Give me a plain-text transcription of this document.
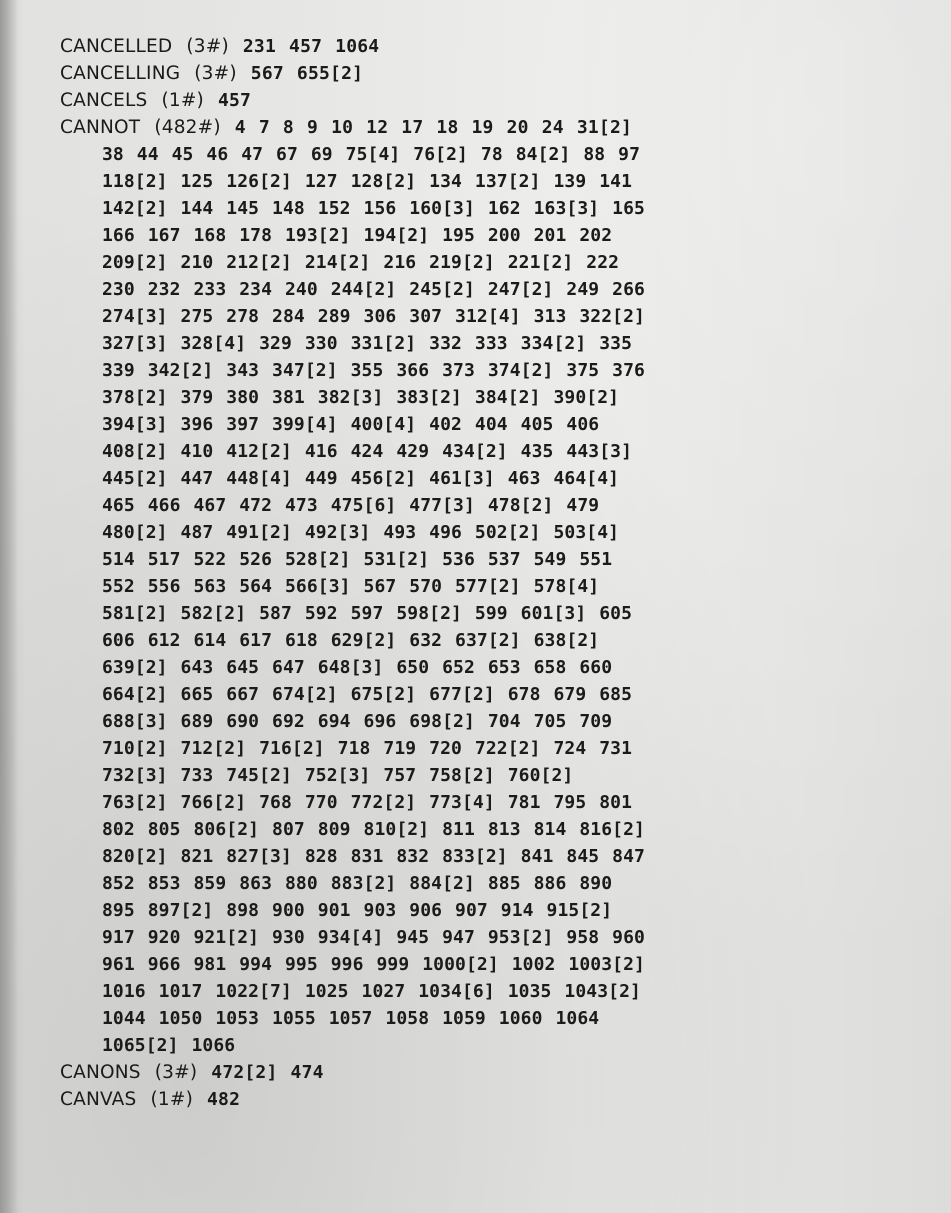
CANCELLED (3#) 231 457 1064
CANCELLING (3#) 567 655[2]
CANCELS (1#) 457
CANNOT (482#) 4 7 8 9 10 12 17 18 19 20 24 31[2]
38 44 45 46 47 67 69 75[4] 76[2] 78 84[2] 88 97
118[2] 125 126[2] 127 128[2] 134 137[2] 139 141
142[2] 144 145 148 152 156 160[3] 162 163[3] 165
166 167 168 178 193[2] 194[2] 195 200 201 202
209[2] 210 212[2] 214[2] 216 219[2] 221[2] 222
230 232 233 234 240 244[2] 245[2] 247[2] 249 266
274[3] 275 278 284 289 306 307 312[4] 313 322[2]
327[3] 328[4] 329 330 331[2] 332 333 334[2] 335
339 342[2] 343 347[2] 355 366 373 374[2] 375 376
378[2] 379 380 381 382[3] 383[2] 384[2] 390[2]
394[3] 396 397 399[4] 400[4] 402 404 405 406
408[2] 410 412[2] 416 424 429 434[2] 435 443[3]
445[2] 447 448[4] 449 456[2] 461[3] 463 464[4]
465 466 467 472 473 475[6] 477[3] 478[2] 479
480[2] 487 491[2] 492[3] 493 496 502[2] 503[4]
514 517 522 526 528[2] 531[2] 536 537 549 551
552 556 563 564 566[3] 567 570 577[2] 578[4]
581[2] 582[2] 587 592 597 598[2] 599 601[3] 605
606 612 614 617 618 629[2] 632 637[2] 638[2]
639[2] 643 645 647 648[3] 650 652 653 658 660
664[2] 665 667 674[2] 675[2] 677[2] 678 679 685
688[3] 689 690 692 694 696 698[2] 704 705 709
710[2] 712[2] 716[2] 718 719 720 722[2] 724 731
732[3] 733 745[2] 752[3] 757 758[2] 760[2]
763[2] 766[2] 768 770 772[2] 773[4] 781 795 801
802 805 806[2] 807 809 810[2] 811 813 814 816[2]
820[2] 821 827[3] 828 831 832 833[2] 841 845 847
852 853 859 863 880 883[2] 884[2] 885 886 890
895 897[2] 898 900 901 903 906 907 914 915[2]
917 920 921[2] 930 934[4] 945 947 953[2] 958 960
961 966 981 994 995 996 999 1000[2] 1002 1003[2]
1016 1017 1022[7] 1025 1027 1034[6] 1035 1043[2]
1044 1050 1053 1055 1057 1058 1059 1060 1064
1065[2] 1066
CANONS (3#) 472[2] 474
CANVAS (1#) 482
